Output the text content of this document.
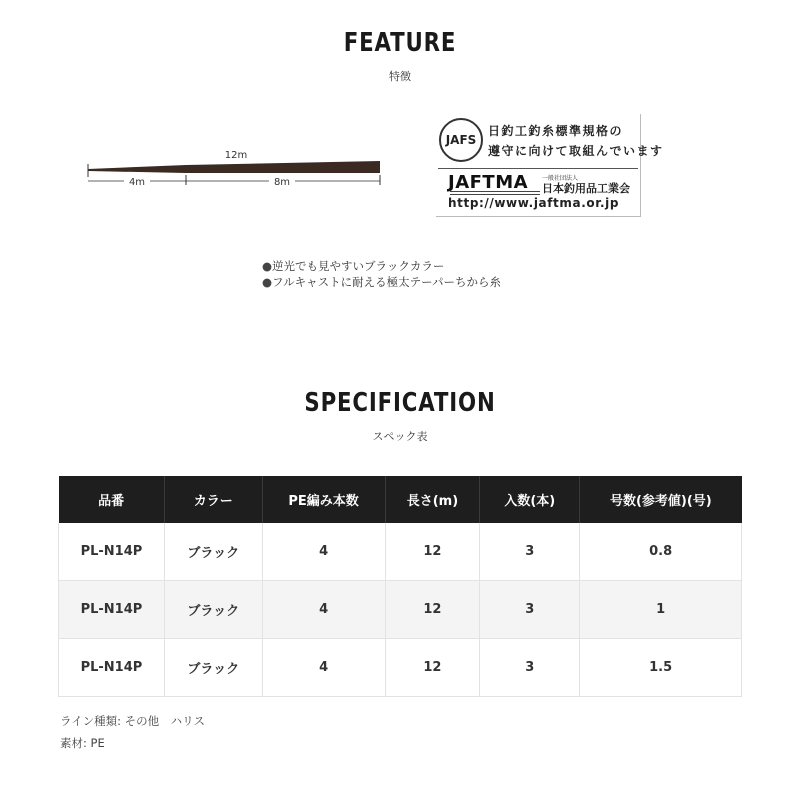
FEATURE
特徴
12m
4m	8m
JAFS
日釣工釣糸標準規格の
遵守に向けて取組んでいます
JAFTMA 一般社団法人
日本釣用品工業会
http://www.jaftma.or.jp
●逆光でも見やすいブラックカラー
●フルキャストに耐える極太テーパーちから糸
SPECIFICATION
スペック表
品番	カラー	PE編み本数	長さ(m)	入数(本)	号数(参考値)(号)
PL-N14P	ブラック	4	12	3	0.8
PL-N14P	ブラック	4	12	3	1
PL-N14P	ブラック	4	12	3	1.5
ライン種類: その他　ハリス
素材: PE
